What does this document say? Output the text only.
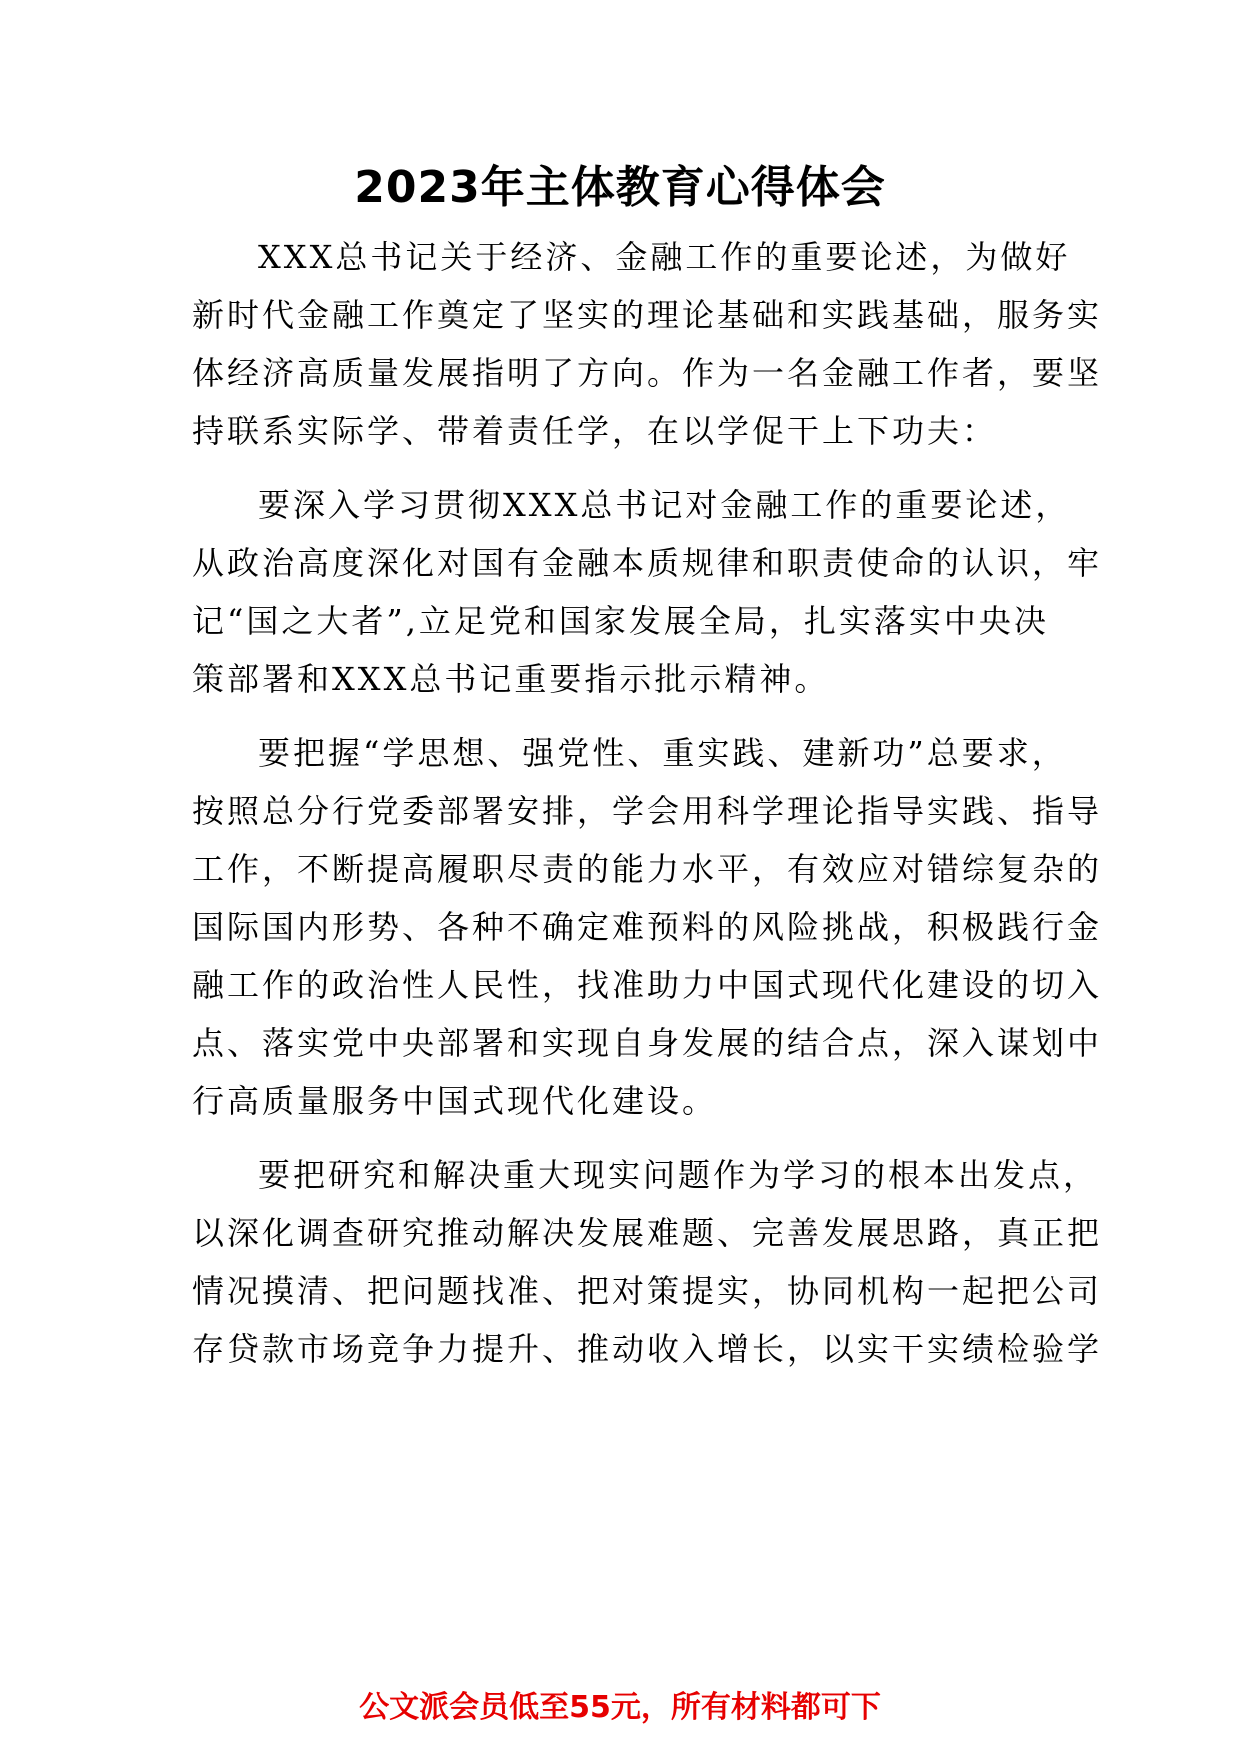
2023年主体教育心得体会
XXX总书记关于经济、金融工作的重要论述，为做好
新时代金融工作奠定了坚实的理论基础和实践基础，服务实
体经济高质量发展指明了方向。作为一名金融工作者，要坚
持联系实际学、带着责任学，在以学促干上下功夫：
要深入学习贯彻XXX总书记对金融工作的重要论述，
从政治高度深化对国有金融本质规律和职责使命的认识，牢
记“国之大者”,立足党和国家发展全局，扎实落实中央决
策部署和XXX总书记重要指示批示精神。
要把握“学思想、强党性、重实践、建新功”总要求，
按照总分行党委部署安排，学会用科学理论指导实践、指导
工作，不断提高履职尽责的能力水平，有效应对错综复杂的
国际国内形势、各种不确定难预料的风险挑战，积极践行金
融工作的政治性人民性，找准助力中国式现代化建设的切入
点、落实党中央部署和实现自身发展的结合点，深入谋划中
行高质量服务中国式现代化建设。
要把研究和解决重大现实问题作为学习的根本出发点，
以深化调查研究推动解决发展难题、完善发展思路，真正把
情况摸清、把问题找准、把对策提实，协同机构一起把公司
存贷款市场竞争力提升、推动收入增长，以实干实绩检验学
公文派会员低至55元，所有材料都可下
